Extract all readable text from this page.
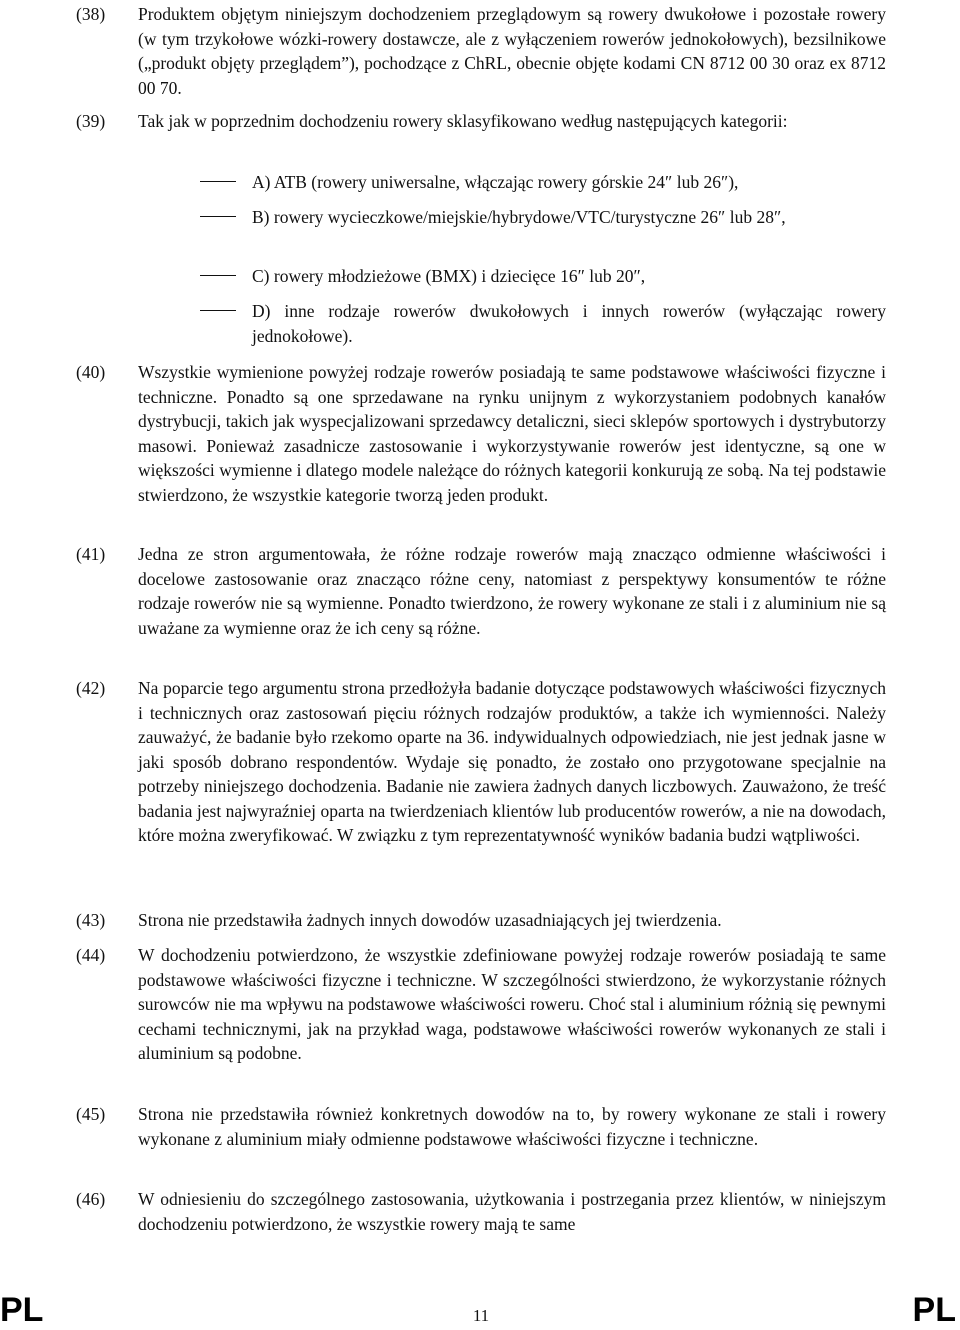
(38) Produktem objętym niniejszym dochodzeniem przeglądowym są rowery dwukołowe i pozostałe rowery (w tym trzykołowe wózki-rowery dostawcze, ale z wyłączeniem rowerów jednokołowych), bezsilnikowe („produkt objęty przeglądem”), pochodzące z ChRL, obecnie objęte kodami CN 8712 00 30 oraz ex 8712 00 70.
(39) Tak jak w poprzednim dochodzeniu rowery sklasyfikowano według następujących kategorii:
A) ATB (rowery uniwersalne, włączając rowery górskie 24″ lub 26″),
B) rowery wycieczkowe/miejskie/hybrydowe/VTC/turystyczne 26″ lub 28″,
C) rowery młodzieżowe (BMX) i dziecięce 16″ lub 20″,
D) inne rodzaje rowerów dwukołowych i innych rowerów (wyłączając rowery jednokołowe).
(40) Wszystkie wymienione powyżej rodzaje rowerów posiadają te same podstawowe właściwości fizyczne i techniczne. Ponadto są one sprzedawane na rynku unijnym z wykorzystaniem podobnych kanałów dystrybucji, takich jak wyspecjalizowani sprzedawcy detaliczni, sieci sklepów sportowych i dystrybutorzy masowi. Ponieważ zasadnicze zastosowanie i wykorzystywanie rowerów jest identyczne, są one w większości wymienne i dlatego modele należące do różnych kategorii konkurują ze sobą. Na tej podstawie stwierdzono, że wszystkie kategorie tworzą jeden produkt.
(41) Jedna ze stron argumentowała, że różne rodzaje rowerów mają znacząco odmienne właściwości i docelowe zastosowanie oraz znacząco różne ceny, natomiast z perspektywy konsumentów te różne rodzaje rowerów nie są wymienne. Ponadto twierdzono, że rowery wykonane ze stali i z aluminium nie są uważane za wymienne oraz że ich ceny są różne.
(42) Na poparcie tego argumentu strona przedłożyła badanie dotyczące podstawowych właściwości fizycznych i technicznych oraz zastosowań pięciu różnych rodzajów produktów, a także ich wymienności. Należy zauważyć, że badanie było rzekomo oparte na 36. indywidualnych odpowiedziach, nie jest jednak jasne w jaki sposób dobrano respondentów. Wydaje się ponadto, że zostało ono przygotowane specjalnie na potrzeby niniejszego dochodzenia. Badanie nie zawiera żadnych danych liczbowych. Zauważono, że treść badania jest najwyraźniej oparta na twierdzeniach klientów lub producentów rowerów, a nie na dowodach, które można zweryfikować. W związku z tym reprezentatywność wyników badania budzi wątpliwości.
(43) Strona nie przedstawiła żadnych innych dowodów uzasadniających jej twierdzenia.
(44) W dochodzeniu potwierdzono, że wszystkie zdefiniowane powyżej rodzaje rowerów posiadają te same podstawowe właściwości fizyczne i techniczne. W szczególności stwierdzono, że wykorzystanie różnych surowców nie ma wpływu na podstawowe właściwości roweru. Choć stal i aluminium różnią się pewnymi cechami technicznymi, jak na przykład waga, podstawowe właściwości rowerów wykonanych ze stali i aluminium są podobne.
(45) Strona nie przedstawiła również konkretnych dowodów na to, by rowery wykonane ze stali i rowery wykonane z aluminium miały odmienne podstawowe właściwości fizyczne i techniczne.
(46) W odniesieniu do szczególnego zastosowania, użytkowania i postrzegania przez klientów, w niniejszym dochodzeniu potwierdzono, że wszystkie rowery mają te same
PL	11	PL
